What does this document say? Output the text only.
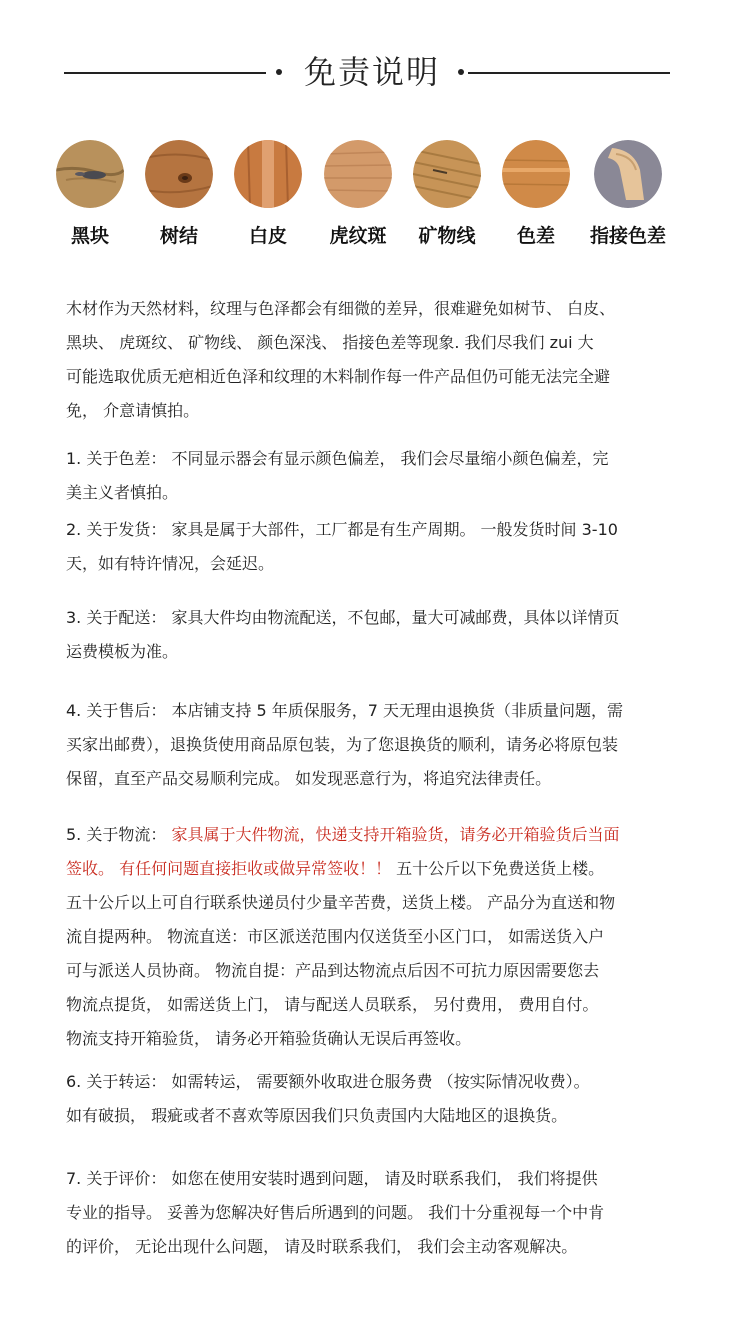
免责说明
黑块	树结	白皮	虎纹斑	矿物线	色差	指接色差
木材作为天然材料，纹理与色泽都会有细微的差异，很难避免如树节、 白皮、
黑块、 虎斑纹、 矿物线、 颜色深浅、 指接色差等现象. 我们尽我们 zui 大
可能选取优质无疤相近色泽和纹理的木料制作每一件产品但仍可能无法完全避
免， 介意请慎拍。
1. 关于色差： 不同显示器会有显示颜色偏差， 我们会尽量缩小颜色偏差，完
美主义者慎拍。
2. 关于发货： 家具是属于大部件，工厂都是有生产周期。 一般发货时间 3-10
天，如有特许情况，会延迟。
3. 关于配送： 家具大件均由物流配送，不包邮，量大可减邮费，具体以详情页
运费模板为准。
4. 关于售后： 本店铺支持 5 年质保服务，7 天无理由退换货（非质量问题，需
买家出邮费），退换货使用商品原包装，为了您退换货的顺利，请务必将原包装
保留，直至产品交易顺利完成。 如发现恶意行为，将追究法律责任。
5. 关于物流： 家具属于大件物流，快递支持开箱验货，请务必开箱验货后当面
签收。 有任何问题直接拒收或做异常签收！！ 五十公斤以下免费送货上楼。
五十公斤以上可自行联系快递员付少量辛苦费，送货上楼。 产品分为直送和物
流自提两种。 物流直送：市区派送范围内仅送货至小区门口， 如需送货入户
可与派送人员协商。 物流自提：产品到达物流点后因不可抗力原因需要您去
物流点提货， 如需送货上门， 请与配送人员联系， 另付费用， 费用自付。
物流支持开箱验货， 请务必开箱验货确认无误后再签收。
6. 关于转运： 如需转运， 需要额外收取进仓服务费 （按实际情况收费）。
如有破损， 瑕疵或者不喜欢等原因我们只负责国内大陆地区的退换货。
7. 关于评价： 如您在使用安装时遇到问题， 请及时联系我们， 我们将提供
专业的指导。 妥善为您解决好售后所遇到的问题。 我们十分重视每一个中肯
的评价， 无论出现什么问题， 请及时联系我们， 我们会主动客观解决。
